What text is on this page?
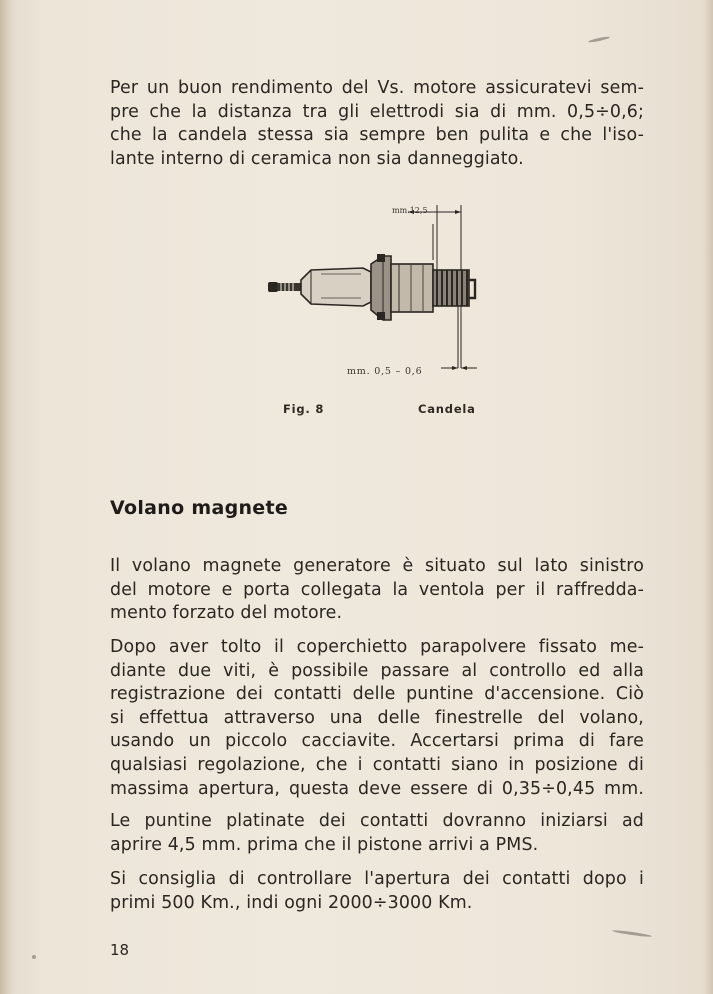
Per un buon rendimento del Vs. motore assicuratevi sem-
pre che la distanza tra gli elettrodi sia di mm. 0,5÷0,6;
che la candela stessa sia sempre ben pulita e che l'iso-
lante interno di ceramica non sia danneggiato.

mm.12,5
mm. 0,5 – 0,6
Fig. 8	Candela
Volano magnete

Il volano magnete generatore è situato sul lato sinistro
del motore e porta collegata la ventola per il raffredda-
mento forzato del motore.

Dopo aver tolto il coperchietto parapolvere fissato me-
diante due viti, è possibile passare al controllo ed alla
registrazione dei contatti delle puntine d'accensione. Ciò
si effettua attraverso una delle finestrelle del volano,
usando un piccolo cacciavite. Accertarsi prima di fare
qualsiasi regolazione, che i contatti siano in posizione di
massima apertura, questa deve essere di 0,35÷0,45 mm.

Le puntine platinate dei contatti dovranno iniziarsi ad
aprire 4,5 mm. prima che il pistone arrivi a PMS.

Si consiglia di controllare l'apertura dei contatti dopo i
primi 500 Km., indi ogni 2000÷3000 Km.

18
